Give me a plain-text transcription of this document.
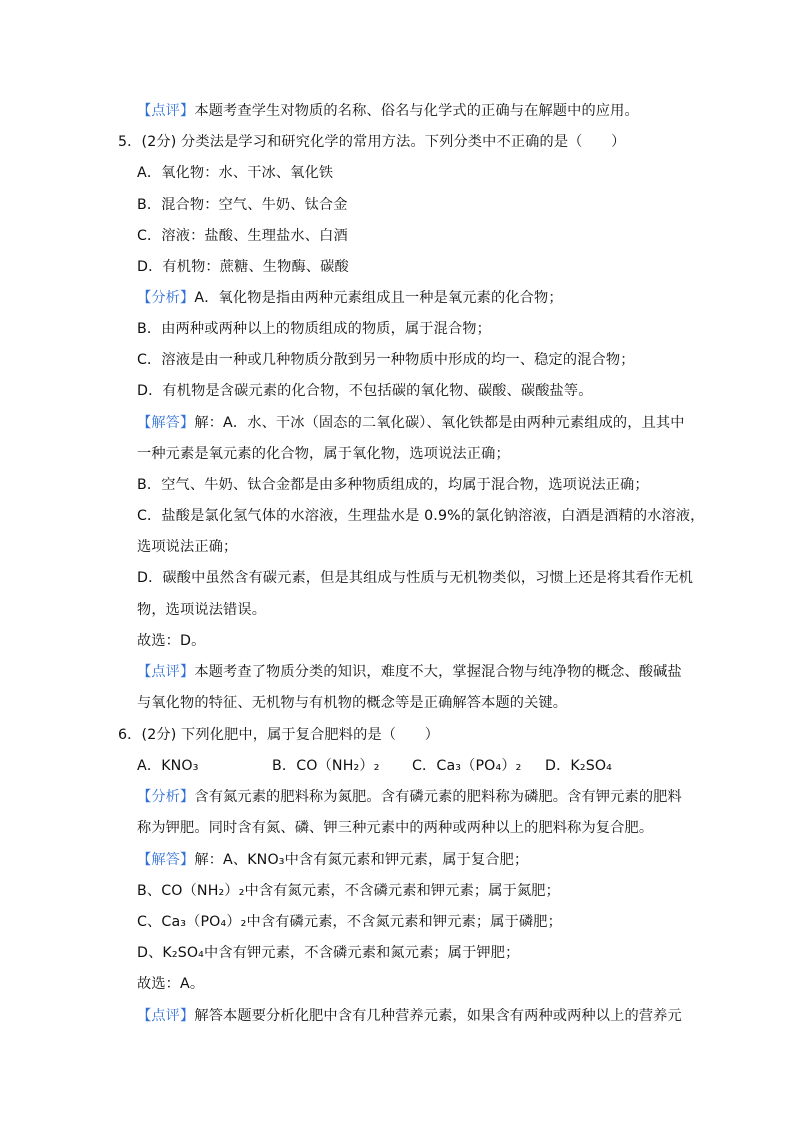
【点评】本题考查学生对物质的名称、俗名与化学式的正确与在解题中的应用。
5．(2分) 分类法是学习和研究化学的常用方法。下列分类中不正确的是（　　）
A．氧化物：水、干冰、氧化铁
B．混合物：空气、牛奶、钛合金
C．溶液：盐酸、生理盐水、白酒
D．有机物：蔗糖、生物酶、碳酸
【分析】A．氧化物是指由两种元素组成且一种是氧元素的化合物；
B．由两种或两种以上的物质组成的物质，属于混合物；
C．溶液是由一种或几种物质分散到另一种物质中形成的均一、稳定的混合物；
D．有机物是含碳元素的化合物，不包括碳的氧化物、碳酸、碳酸盐等。
【解答】解：A．水、干冰（固态的二氧化碳）、氧化铁都是由两种元素组成的，且其中
一种元素是氧元素的化合物，属于氧化物，选项说法正确；
B．空气、牛奶、钛合金都是由多种物质组成的，均属于混合物，选项说法正确；
C．盐酸是氯化氢气体的水溶液，生理盐水是 0.9%的氯化钠溶液，白酒是酒精的水溶液，
选项说法正确；
D．碳酸中虽然含有碳元素，但是其组成与性质与无机物类似，习惯上还是将其看作无机
物，选项说法错误。
故选：D。
【点评】本题考查了物质分类的知识，难度不大，掌握混合物与纯净物的概念、酸碱盐
与氧化物的特征、无机物与有机物的概念等是正确解答本题的关键。
6．(2分) 下列化肥中，属于复合肥料的是（　　）
A．KNO₃	B．CO（NH₂）₂ C．Ca₃（PO₄）₂ D．K₂SO₄
【分析】含有氮元素的肥料称为氮肥。含有磷元素的肥料称为磷肥。含有钾元素的肥料
称为钾肥。同时含有氮、磷、钾三种元素中的两种或两种以上的肥料称为复合肥。
【解答】解：A、KNO₃中含有氮元素和钾元素，属于复合肥；
B、CO（NH₂）₂中含有氮元素，不含磷元素和钾元素；属于氮肥；
C、Ca₃（PO₄）₂中含有磷元素，不含氮元素和钾元素；属于磷肥；
D、K₂SO₄中含有钾元素，不含磷元素和氮元素；属于钾肥；
故选：A。
【点评】解答本题要分析化肥中含有几种营养元素，如果含有两种或两种以上的营养元
